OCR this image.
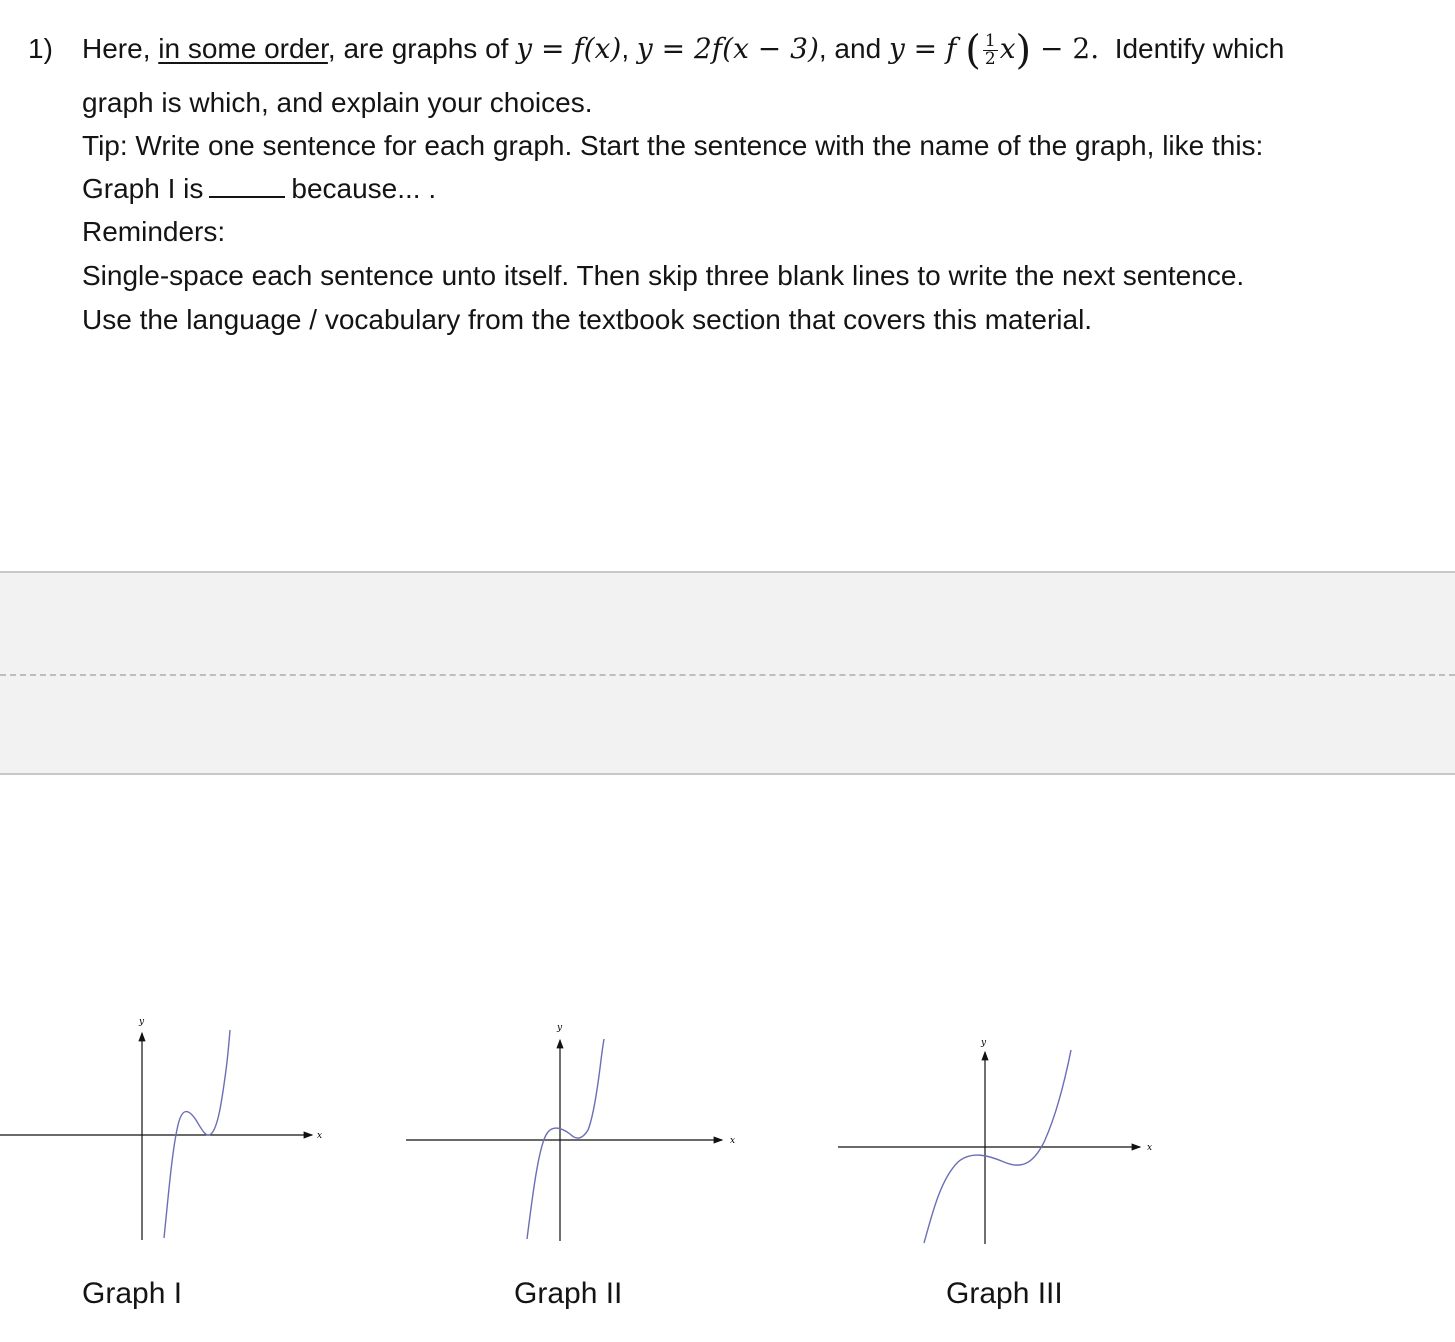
1) Here, in some order, are graphs of y = f(x), y = 2f(x − 3), and y = f ( $\frac{1}{2} x) - 2$. Identify which
graph is which, and explain your choices.
Tip: Write one sentence for each graph. Start the sentence with the name of the graph, like this:
Graph I is	because... .
Reminders:
Single-space each sentence unto itself. Then skip three blank lines to write the next sentence.
Use the language / vocabulary from the textbook section that covers this material.
x
y
x
y
x
y
Graph I	Graph II	Graph III
